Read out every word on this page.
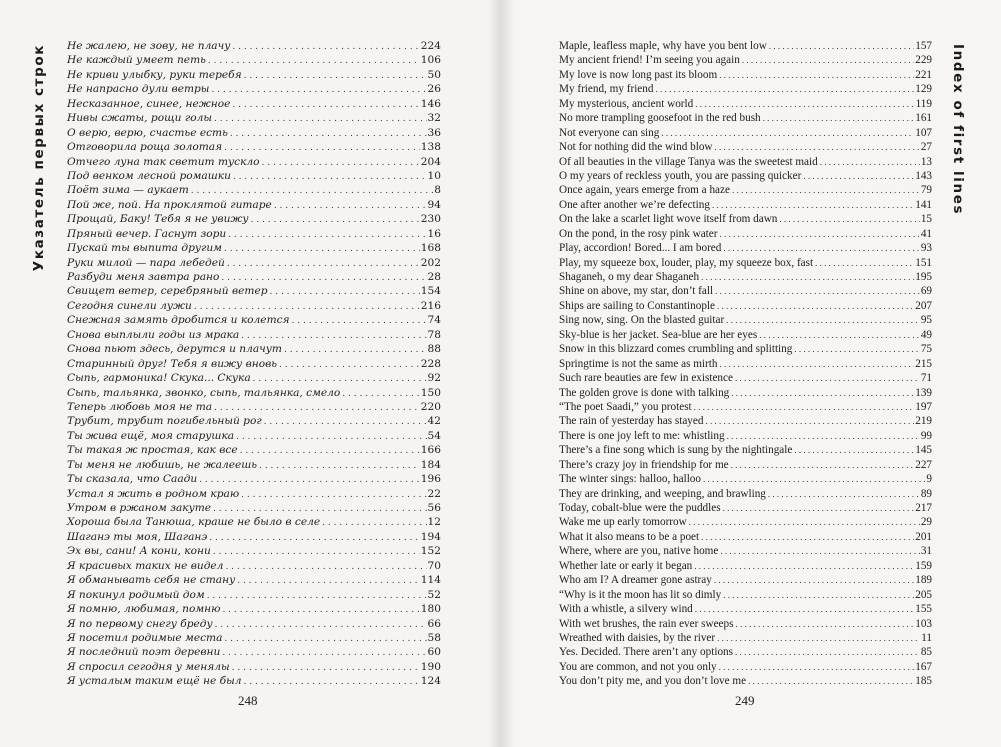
Указатель первых строк Не жалею, не зову, не плачу . . .	224
Не каждый умеет петь . . .	106
Не криви улыбку, руки теребя . . .	50
Не напрасно дули ветры . . .	26
Несказанное, синее, нежное . . .	146
Нивы сжаты, рощи голы . . .	32
О верю, верю, счастье есть . . .	36
Отговорила роща золотая . . .	138
Отчего луна так светит тускло . . .	204
Под венком лесной ромашки . . .	10
Поёт зима — аукает . . .	8
Пой же, пой. На проклятой гитаре . . .	94
Прощай, Баку! Тебя я не увижу . . .	230
Пряный вечер. Гаснут зори . . .	16
Пускай ты выпита другим . . .	168
Руки милой — пара лебедей . . .	202
Разбуди меня завтра рано . . .	28
Свищет ветер, серебряный ветер . . .	154
Сегодня синели лужи . . .	216
Снежная замять дробится и колется . . .	74
Снова выплыли годы из мрака . . .	78
Снова пьют здесь, дерутся и плачут . . .	88
Старинный друг! Тебя я вижу вновь . . .	228
Сыпь, гармоника! Скука... Скука . . .	92
Сыпь, тальянка, звонко, сыпь, тальянка, смело . . .	150
Теперь любовь моя не та . . .	220
Трубит, трубит погибельный рог . . .	42
Ты жива ещё, моя старушка . . .	54
Ты такая ж простая, как все . . .	166
Ты меня не любишь, не жалеешь . . .	184
Ты сказала, что Саади . . .	196
Устал я жить в родном краю . . .	22
Утром в ржаном закуте . . .	56
Хороша была Танюша, краше не было в селе . . .	12
Шаганэ ты моя, Шаганэ . . .	194
Эх вы, сани! А кони, кони . . .	152
Я красивых таких не видел . . .	70
Я обманывать себя не стану . . .	114
Я покинул родимый дом . . .	52
Я помню, любимая, помню . . .	180
Я по первому снегу бреду . . .	66
Я посетил родимые места . . .	58
Я последний поэт деревни . . .	60
Я спросил сегодня у менялы . . .	190
Я усталым таким ещё не был . . .	124
248
Maple, leafless maple, why have you bent low . . .	157
My ancient friend! I’m seeing you again . . .	229
My love is now long past its bloom . . .	221
My friend, my friend . . .	129
My mysterious, ancient world . . .	119
No more trampling goosefoot in the red bush . . .	161
Not everyone can sing . . .	107
Not for nothing did the wind blow . . .	27
Of all beauties in the village Tanya was the sweetest maid . . .	13
O my years of reckless youth, you are passing quicker . . .	143
Once again, years emerge from a haze . . .	79
One after another we’re defecting . . .	141
On the lake a scarlet light wove itself from dawn . . .	15
On the pond, in the rosy pink water . . .	41
Play, accordion! Bored... I am bored . . .	93
Play, my squeeze box, louder, play, my squeeze box, fast . . .	151
Shaganeh, o my dear Shaganeh . . .	195
Shine on above, my star, don’t fall . . .	69
Ships are sailing to Constantinople . . .	207
Sing now, sing. On the blasted guitar . . .	95
Sky-blue is her jacket. Sea-blue are her eyes . . .	49
Snow in this blizzard comes crumbling and splitting . . .	75
Springtime is not the same as mirth . . .	215
Such rare beauties are few in existence . . .	71
The golden grove is done with talking . . .	139
“The poet Saadi,” you protest . . .	197
The rain of yesterday has stayed . . .	219
There is one joy left to me: whistling . . .	99
There’s a fine song which is sung by the nightingale . . .	145
There’s crazy joy in friendship for me . . .	227
The winter sings: halloo, halloo . . .	9
They are drinking, and weeping, and brawling . . .	89
Today, cobalt-blue were the puddles . . .	217
Wake me up early tomorrow . . .	29
What it also means to be a poet . . .	201
Where, where are you, native home . . .	31
Whether late or early it began . . .	159
Who am I? A dreamer gone astray . . .	189
“Why is it the moon has lit so dimly . . .	205
With a whistle, a silvery wind . . .	155
With wet brushes, the rain ever sweeps . . .	103
Wreathed with daisies, by the river . . .	11
Yes. Decided. There aren’t any options . . .	85
You are common, and not you only . . .	167
You don’t pity me, and you don’t love me . . .	185
249
Index of first lines
